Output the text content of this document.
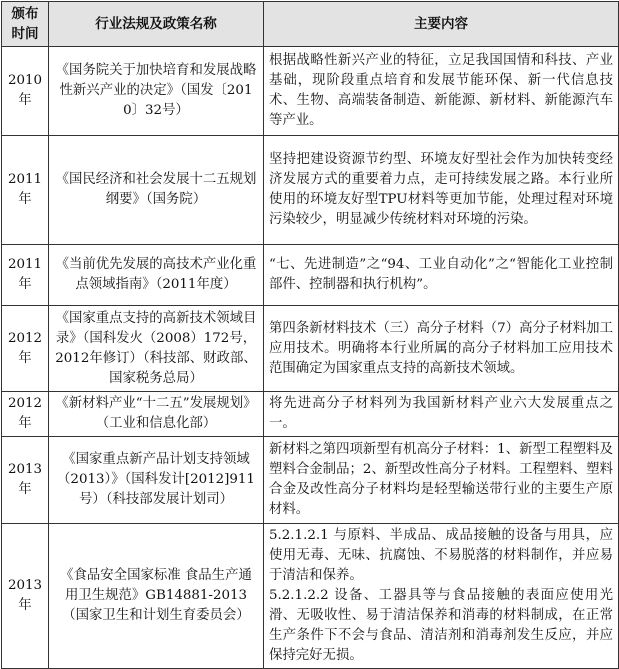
颁布时间	行业法规及政策名称	主要内容
2010年	《国务院关于加快培育和发展战略性新兴产业的决定》（国发〔2010〕32号）	根据战略性新兴产业的特征，立足我国国情和科技、产业基础，现阶段重点培育和发展节能环保、新一代信息技术、生物、高端装备制造、新能源、新材料、新能源汽车等产业。

2011年	《国民经济和社会发展十二五规划纲要》（国务院）	坚持把建设资源节约型、环境友好型社会作为加快转变经济发展方式的重要着力点，走可持续发展之路。本行业所使用的环境友好型TPU材料等更加节能，处理过程对环境污染较少，明显减少传统材料对环境的污染。

2011年	《当前优先发展的高技术产业化重点领域指南》（2011年度）	“七、先进制造”之“94、工业自动化”之“智能化工业控制部件、控制器和执行机构”。

2012年	《国家重点支持的高新技术领域目录》（国科发火（2008）172号，2012年修订）（科技部、财政部、国家税务总局）	第四条新材料技术（三）高分子材料（7）高分子材料加工应用技术。明确将本行业所属的高分子材料加工应用技术范围确定为国家重点支持的高新技术领域。

2012年	《新材料产业“十二五”发展规划》（工业和信息化部）	将先进高分子材料列为我国新材料产业六大发展重点之一。

2013年	《国家重点新产品计划支持领域（2013）》（国科发计[2012]911号）（科技部发展计划司）	新材料之第四项新型有机高分子材料：1、新型工程塑料及塑料合金制品；2、新型改性高分子材料。工程塑料、塑料合金及改性高分子材料均是轻型输送带行业的主要生产原材料。

2013年	《食品安全国家标准 食品生产通用卫生规范》GB14881-2013（国家卫生和计划生育委员会）	5.2.1.2.1 与原料、半成品、成品接触的设备与用具，应使用无毒、无味、抗腐蚀、不易脱落的材料制作，并应易于清洁和保养。
5.2.1.2.2 设备、工器具等与食品接触的表面应使用光滑、无吸收性、易于清洁保养和消毒的材料制成，在正常生产条件下不会与食品、清洁剂和消毒剂发生反应，并应保持完好无损。
